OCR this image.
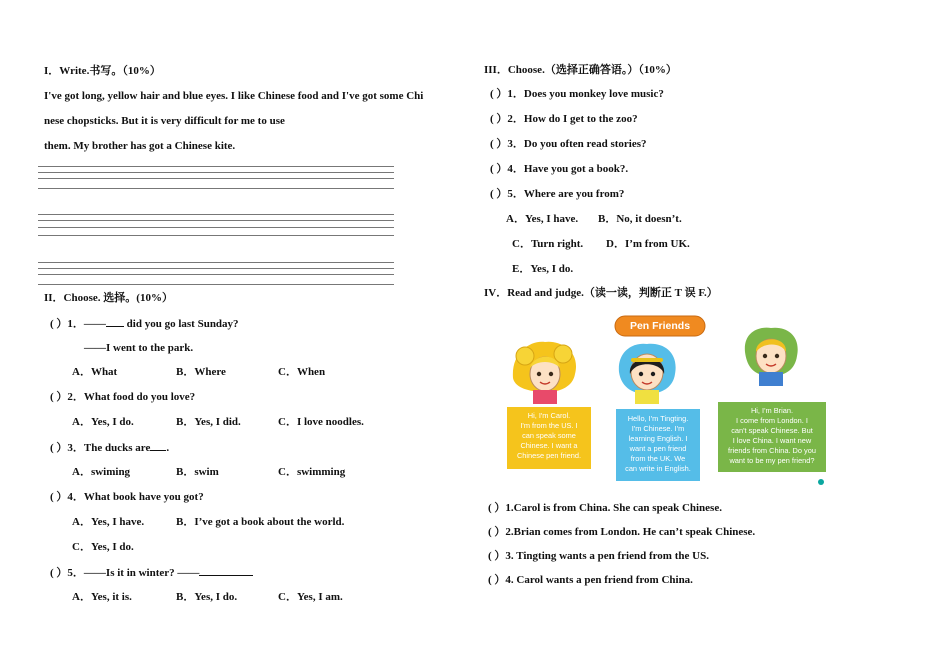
I．Write.书写。（10%）
I've got long, yellow hair and blue eyes. I like Chinese food and I've got some Chi
nese chopsticks. But it is very difficult for me to use
them. My brother has got a Chinese kite.
II．Choose. 选择。(10%）
( ）1．—— did you go last Sunday?
——I went to the park.
A．What	B．Where	C．When
( ）2．What food do you love?
A．Yes, I do.	B．Yes, I did.	C．I love noodles.
( ）3．The ducks are .
A．swiming	B．swim	C．swimming
( ）4．What book have you got?
A．Yes, I have.	B．I’ve got a book about the world.
C．Yes, I do.
( ）5．——Is it in winter? ——
A．Yes, it is.	B．Yes, I do.	C．Yes, I am.
III．Choose.（选择正确答语。）（10%）
( ）1．Does you monkey love music?
( ）2．How do I get to the zoo?
( ）3．Do you often read stories?
( ）4．Have you got a book?.
( ）5．Where are you from?
A．Yes, I have. B．No, it doesn’t.
C．Turn right. D．I’m from UK.
E．Yes, I do.
IV．Read and judge.（读一读，判断正 T 误 F.）
Pen Friends
Hi, I'm Carol.
I'm from the US. I
can speak some
Chinese. I want a
Chinese pen friend.
Hello, I'm Tingting.
I'm Chinese. I'm
learning English. I
want a pen friend
from the UK. We
can write in English.
Hi, I'm Brian.
I come from London. I
can't speak Chinese. But
I love China. I want new
friends from China. Do you
want to be my pen friend?
( ）1.Carol is from China. She can speak Chinese.
( ）2.Brian comes from London. He can’t speak Chinese.
( ）3. Tingting wants a pen friend from the US.
( ）4. Carol wants a pen friend from China.
